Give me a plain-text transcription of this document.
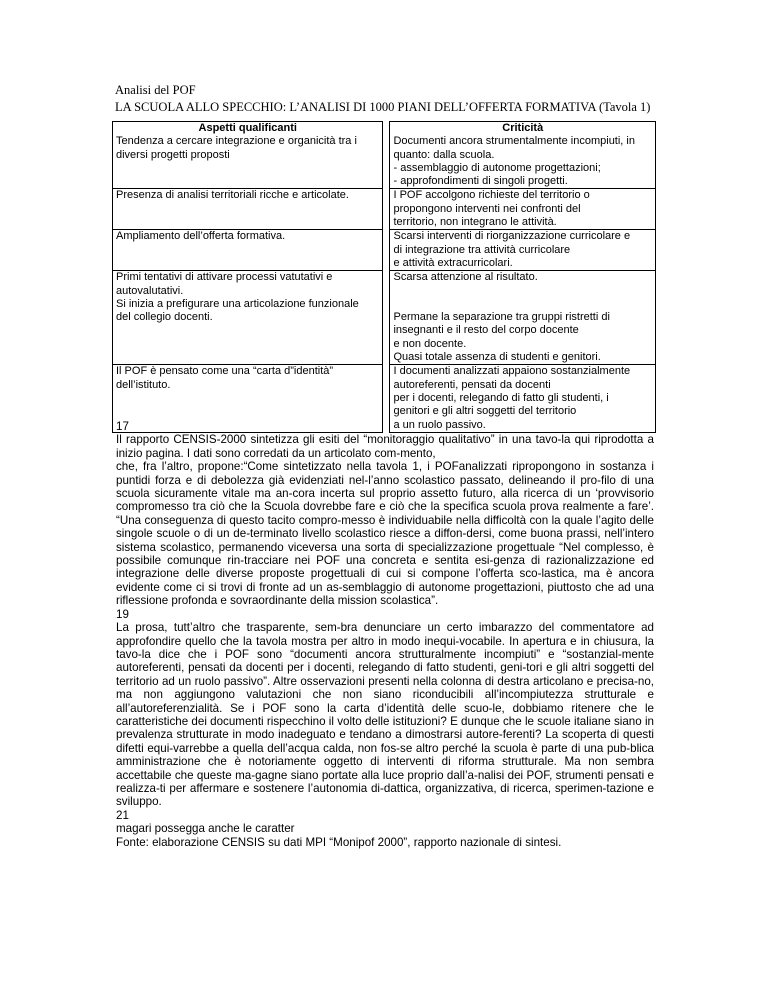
Analisi del POF
LA SCUOLA ALLO SPECCHIO: L’ANALISI DI 1000 PIANI DELL’OFFERTA FORMATIVA (Tavola 1)
Aspetti qualificanti		Criticità

Tendenza a cercare integrazione e organicità tra i
diversi progetti proposti		Documenti ancora strumentalmente incompiuti, in
quanto: dalla scuola.
- assemblaggio di autonome progettazioni;
- approfondimenti di singoli progetti.

Presenza di analisi territoriali ricche e articolate.		I POF accolgono richieste del territorio o
propongono interventi nei confronti del
territorio, non integrano le attività.

Ampliamento dell’offerta formativa.		Scarsi interventi di riorganizzazione curricolare e
di integrazione tra attività curricolare
e attività extracurricolari.

Primi tentativi di attivare processi vatutativi e
autovalutativi.
Si inizia a prefigurare una articolazione funzionale
del collegio docenti.		Scarsa attenzione al risultato.
Permane la separazione tra gruppi ristretti di
insegnanti e il resto del corpo docente
e non docente.
Quasi totale assenza di studenti e genitori.

Il POF è pensato come una “carta d”identità”
dell’istituto.		I documenti analizzati appaiono sostanzialmente
autoreferenti, pensati da docenti
per i docenti, relegando di fatto gli studenti, i
genitori e gli altri soggetti del territorio
a un ruolo passivo.
17

Il rapporto CENSIS-2000 sintetizza gli esiti del “monitoraggio qualitativo” in una tavo-la qui riprodotta a inizio pagina. I dati sono corredati da un articolato com-mento,

che, fra l’altro, propone:“Come sintetizzato nella tavola 1, i POFanalizzati ripropongono in sostanza i puntidi forza e di debolezza già evidenziati nel-l’anno scolastico passato, delineando il pro-filo di una scuola sicuramente vitale ma an-cora incerta sul proprio assetto futuro, alla ricerca di un ‘provvisorio compromesso tra ciò che la Scuola dovrebbe fare e ciò che la specifica scuola prova realmente a fare’. “Una conseguenza di questo tacito compro-messo è individuabile nella difficoltà con la quale l’agito delle singole scuole o di un de-terminato livello scolastico riesce a diffon-dersi, come buona prassi, nell’intero sistema scolastico, permanendo viceversa una sorta di specializzazione progettuale “Nel complesso, è possibile comunque rin-tracciare nei POF una concreta e sentita esi-genza di razionalizzazione ed integrazione delle diverse proposte progettuali di cui si compone l’offerta sco-lastica, ma è ancora evidente come ci si trovi di fronte ad un as-semblaggio di autonome progettazioni, piuttosto che ad una riflessione profonda e sovraordinante della mission scolastica”.

19

La prosa, tutt’altro che trasparente, sem-bra denunciare un certo imbarazzo del commentatore ad approfondire quello che la tavola mostra per altro in modo inequi-vocabile. In apertura e in chiusura, la tavo-la dice che i POF sono “documenti ancora strutturalmente incompiuti” e “sostanzial-mente autoreferenti, pensati da docenti per i docenti, relegando di fatto studenti, geni-tori e gli altri soggetti del territorio ad un ruolo passivo”. Altre osservazioni presenti nella colonna di destra articolano e precisa-no, ma non aggiungono valutazioni che non siano riconducibili all’incompiutezza strutturale e all’autoreferenzialità. Se i POF sono la carta d’identità delle scuo-le, dobbiamo ritenere che le caratteristiche dei documenti rispecchino il volto delle istituzioni? E dunque che le scuole italiane siano in prevalenza strutturate in modo inadeguato e tendano a dimostrarsi autore-ferenti? La scoperta di questi difetti equi-varrebbe a quella dell’acqua calda, non fos-se altro perché la scuola è parte di una pub-blica amministrazione che è notoriamente oggetto di interventi di riforma strutturale. Ma non sembra accettabile che queste ma-gagne siano portate alla luce proprio dall’a-nalisi dei POF, strumenti pensati e realizza-ti per affermare e sostenere l’autonomia di-dattica, organizzativa, di ricerca, sperimen-tazione e sviluppo.

21

magari possegga anche le caratter

Fonte: elaborazione CENSIS su dati MPI “Monipof 2000”, rapporto nazionale di sintesi.
